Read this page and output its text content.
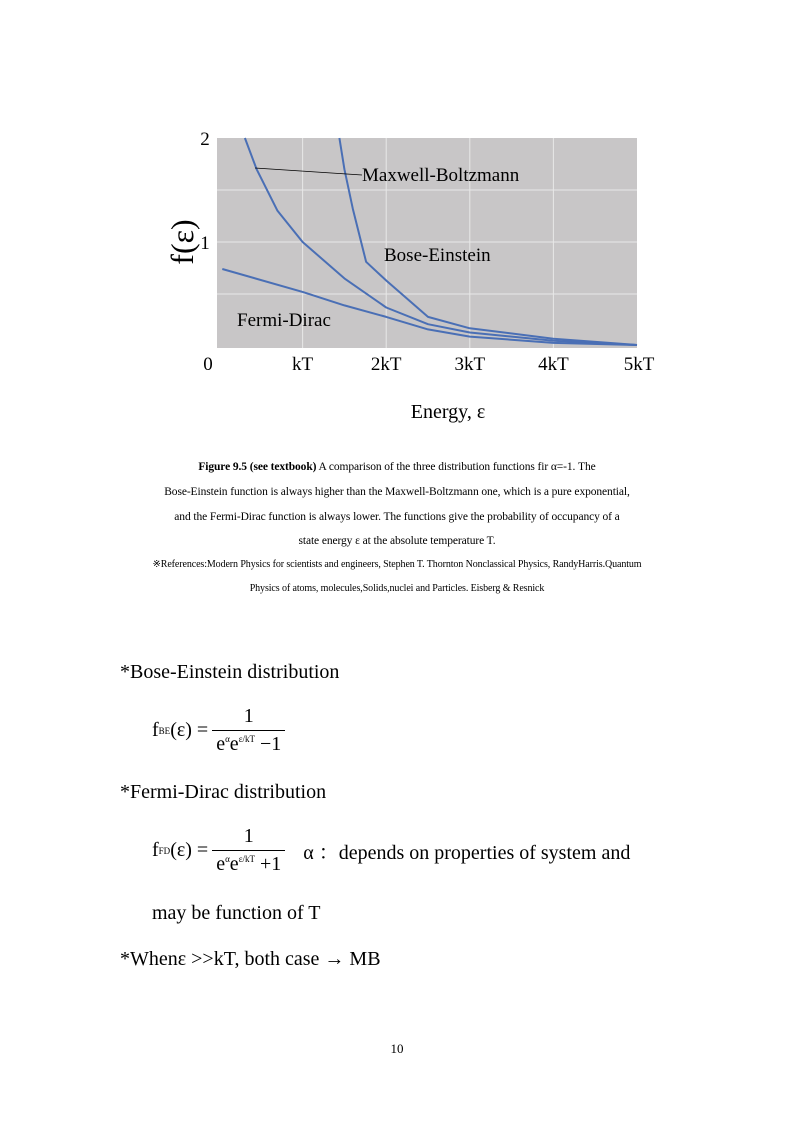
0	kT	2kT	3kT	4kT	5kT
2
1
Maxwell-Boltzmann
Bose-Einstein
Fermi-Dirac
f(ε)
Energy, ε
Figure 9.5 (see textbook) A comparison of the three distribution functions fir α=-1. The
Bose-Einstein function is always higher than the Maxwell-Boltzmann one, which is a pure exponential,
and the Fermi-Dirac function is always lower. The functions give the probability of occupancy of a
state energy ε at the absolute temperature T.
※References:Modern Physics for scientists and engineers, Stephen T. Thornton Nonclassical Physics, RandyHarris.Quantum
Physics of atoms, molecules,Solids,nuclei and Particles. Eisberg & Resnick
*Bose-Einstein distribution
f BE $(\varepsilon) = \frac{1}{e^\alpha e^{\varepsilon/kT} -1}$
*Fermi-Dirac distribution
f FD $(\varepsilon) = \frac{1}{e^\alpha e^{\varepsilon/kT} +1}$ α ：depends on properties of system and
may be function of T
*Whenε >>kT, both case → MB
10
